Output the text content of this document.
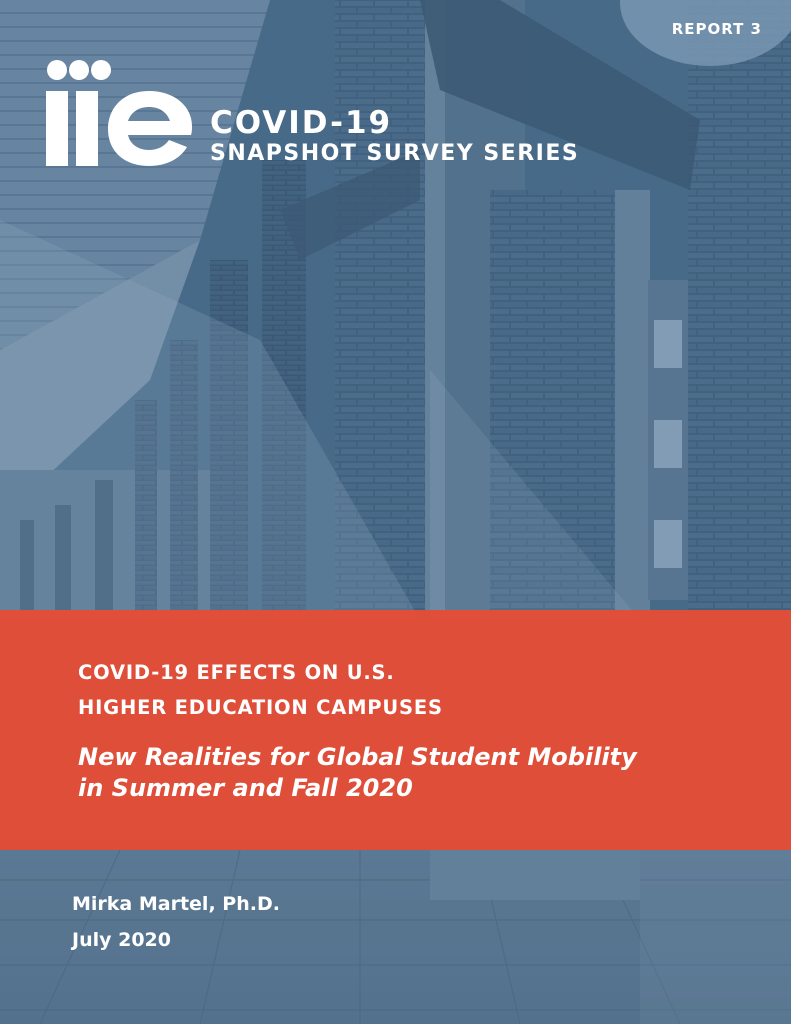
REPORT 3
COVID-19
SNAPSHOT SURVEY SERIES
COVID-19 EFFECTS ON U.S.
HIGHER EDUCATION CAMPUSES
New Realities for Global Student Mobility
in Summer and Fall 2020
Mirka Martel, Ph.D.
July 2020
